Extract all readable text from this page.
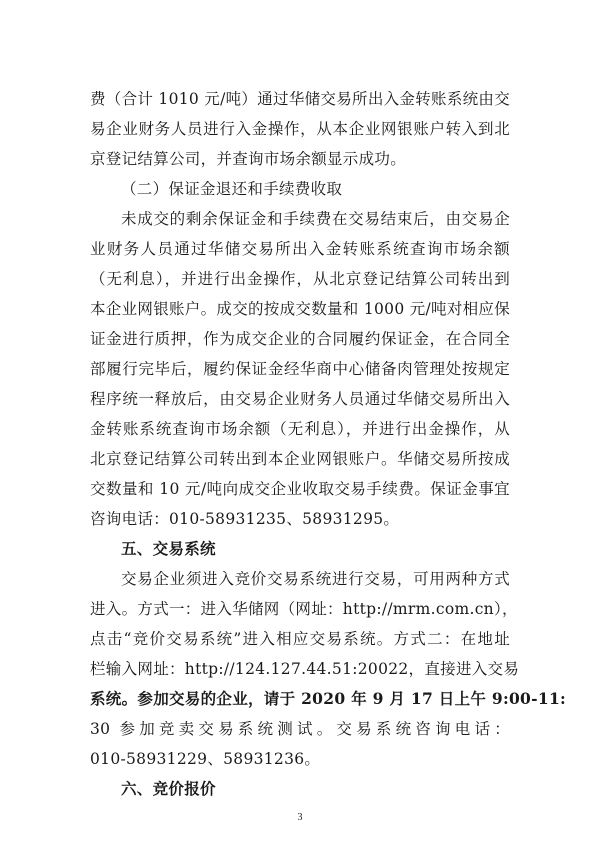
费（合计 1010 元/吨）通过华储交易所出入金转账系统由交
易企业财务人员进行入金操作，从本企业网银账户转入到北
京登记结算公司，并查询市场余额显示成功。
（二）保证金退还和手续费收取
未成交的剩余保证金和手续费在交易结束后，由交易企
业财务人员通过华储交易所出入金转账系统查询市场余额
（无利息），并进行出金操作，从北京登记结算公司转出到
本企业网银账户。成交的按成交数量和 1000 元/吨对相应保
证金进行质押，作为成交企业的合同履约保证金，在合同全
部履行完毕后，履约保证金经华商中心储备肉管理处按规定
程序统一释放后，由交易企业财务人员通过华储交易所出入
金转账系统查询市场余额（无利息），并进行出金操作，从
北京登记结算公司转出到本企业网银账户。华储交易所按成
交数量和 10 元/吨向成交企业收取交易手续费。保证金事宜
咨询电话：010-58931235、58931295。
五、交易系统
交易企业须进入竞价交易系统进行交易，可用两种方式
进入。方式一：进入华储网（网址：http://mrm.com.cn），
点击“竞价交易系统”进入相应交易系统。方式二：在地址
栏输入网址：http://124.127.44.51:20022，直接进入交易
系统。参加交易的企业，请于 2020 年 9 月 17 日上午 9:00-11:
30 参加竞卖交易系统测试。交易系统咨询电话：
010-58931229、58931236。
六、竞价报价
3
